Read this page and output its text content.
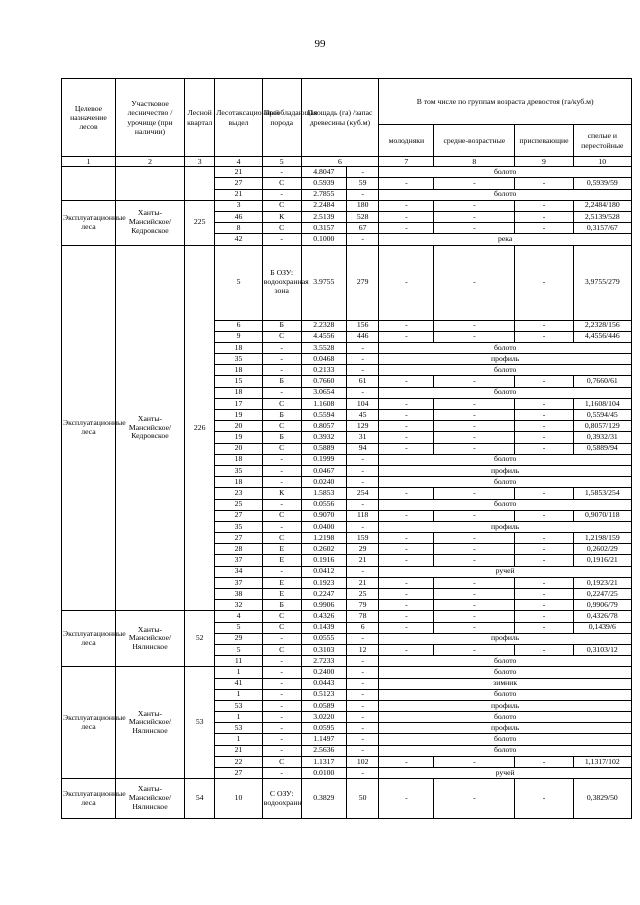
99
Целевое назначение лесов	Участковое лесничество /урочище (при наличии)	Лесной квартал	Лесотаксационный выдел	Преобладающая порода	Площадь (га) /запас древесины (куб.м)		В том числе по группам возраста древостоя (га/куб.м)			
							молодняки	средне-возрастные	приспевающие	спелые и перестойные
1	2	3	4	5	6		7	8	9	10
			21	-	4.8047	-	болото			
			27	С	0.5939	59	-	-	-	0,5939/59
			21	-	2.7855	-	болото			
Эксплуатационные леса	Ханты-Мансийское/ Кедровское	225	3	С	2.2484	180	-	-	-	2,2484/180
			46	К	2.5139	528	-	-	-	2,5139/528
			8	С	0.3157	67	-	-	-	0,3157/67
			42	-	0.1000	-	река			
Эксплуатационные леса	Ханты-Мансийское/ Кедровское	226	5	Б ОЗУ: водоохранная зона	3.9755	279	-	-	-	3,9755/279
			6	Б	2.2328	156	-	-	-	2,2328/156
			9	С	4.4556	446	-	-	-	4,4556/446
			18	-	3.5528	-	болото			
			35	-	0.0468	-	профиль			
			18	-	0.2133	-	болото			
			15	Б	0.7660	61	-	-	-	0,7660/61
			18	-	3.0654	-	болото			
			17	С	1.1608	104	-	-	-	1,1608/104
			19	Б	0.5594	45	-	-	-	0,5594/45
			20	С	0.8057	129	-	-	-	0,8057/129
			19	Б	0.3932	31	-	-	-	0,3932/31
			20	С	0.5889	94	-	-	-	0,5889/94
			18	-	0.1999	-	болото			
			35	-	0.0467	-	профиль			
			18	-	0.0240	-	болото			
			23	К	1.5853	254	-	-	-	1,5853/254
			25	-	0.0556	-	болото			
			27	С	0.9070	118	-	-	-	0,9070/118
			35	-	0.0400	-	профиль			
			27	С	1.2198	159	-	-	-	1,2198/159
			28	Е	0.2602	29	-	-	-	0,2602/29
			37	Е	0.1916	21	-	-	-	0,1916/21
			34	-	0.0412	-	ручей			
			37	Е	0.1923	21	-	-	-	0,1923/21
			38	Е	0.2247	25	-	-	-	0,2247/25
			32	Б	0.9906	79	-	-	-	0,9906/79
Эксплуатационные леса	Ханты-Мансийское/ Нялинское	52	4	С	0.4326	78	-	-	-	0,4326/78
			5	С	0.1439	6	-	-	-	0,1439/6
			29	-	0.0555	-	профиль			
			5	С	0.3103	12	-	-	-	0,3103/12
			11	-	2.7233	-	болото			
Эксплуатационные леса	Ханты-Мансийское/ Нялинское	53	1	-	0.2400	-	болото			
			41	-	0.0443	-	зимник			
			1	-	0.5123	-	болото			
			53	-	0.0589	-	профиль			
			1	-	3.0220	-	болото			
			53	-	0.0595	-	профиль			
			1	-	1.1497	-	болото			
			21	-	2.5636	-	болото			
			22	С	1.1317	102	-	-	-	1,1317/102
			27	-	0.0100	-	ручей			
Эксплуатационные леса	Ханты-Мансийское/ Нялинское	54	10	С ОЗУ: водоохранн	0.3829	50	-	-	-	0,3829/50
